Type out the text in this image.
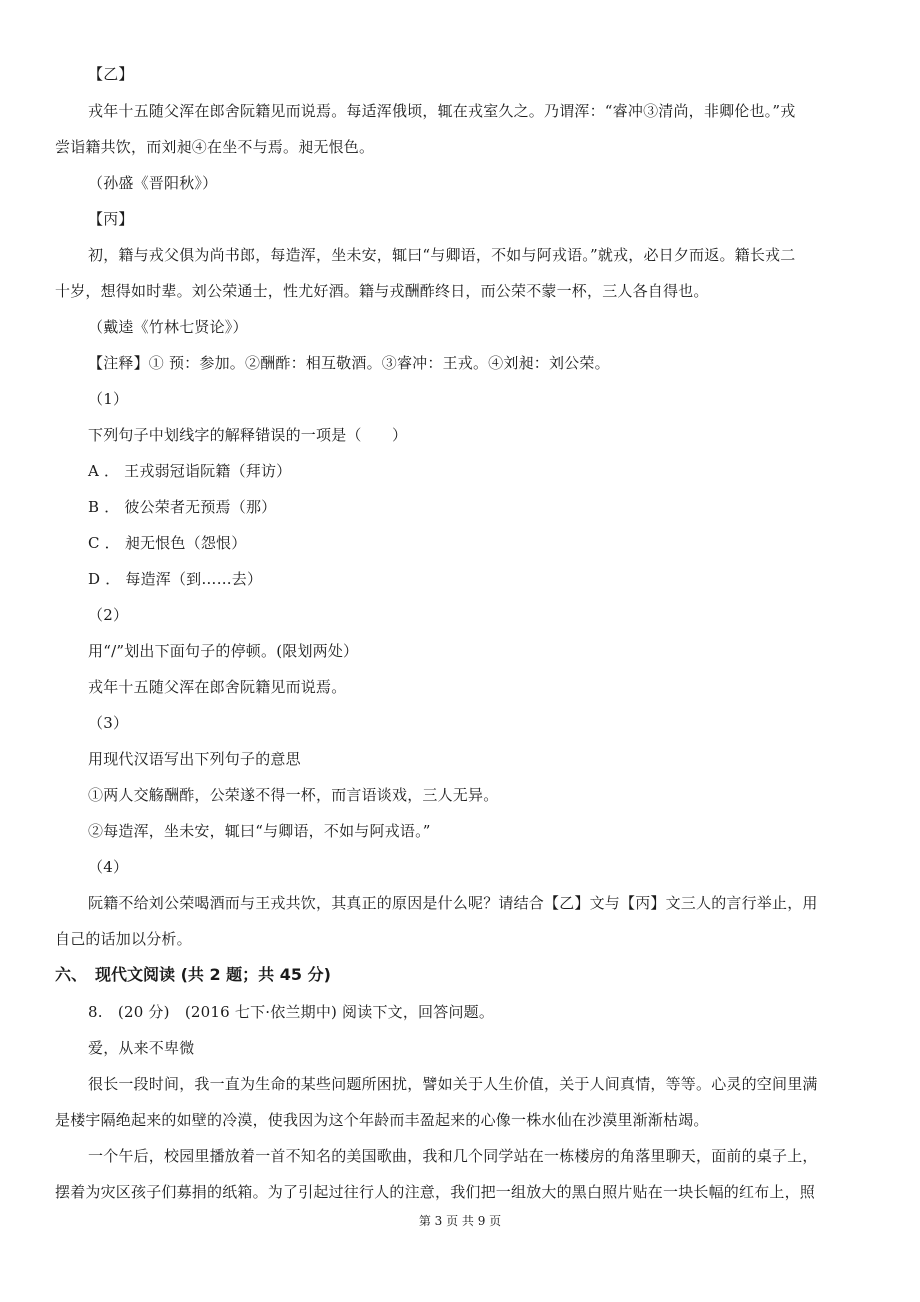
【乙】
戎年十五随父浑在郎舍阮籍见而说焉。每适浑俄顷，辄在戎室久之。乃谓浑：“睿冲③清尚，非卿伦也。”戎
尝诣籍共饮，而刘昶④在坐不与焉。昶无恨色。
（孙盛《晋阳秋》）
【丙】
初，籍与戎父俱为尚书郎，每造浑，坐未安，辄曰“与卿语，不如与阿戎语。”就戎，必日夕而返。籍长戎二
十岁，想得如时辈。刘公荣通士，性尤好酒。籍与戎酬酢终日，而公荣不蒙一杯，三人各自得也。
（戴逵《竹林七贤论》）
【注释】① 预：参加。②酬酢：相互敬酒。③睿冲：王戎。④刘昶：刘公荣。
（1）
下列句子中划线字的解释错误的一项是（　　）
A ． 王戎弱冠诣阮籍（拜访）
B ． 彼公荣者无预焉（那）
C ． 昶无恨色（怨恨）
D ． 每造浑（到……去）
（2）
用“/”划出下面句子的停顿。(限划两处）
戎年十五随父浑在郎舍阮籍见而说焉。
（3）
用现代汉语写出下列句子的意思
①两人交觞酬酢，公荣遂不得一杯，而言语谈戏，三人无异。
②每造浑，坐未安，辄曰“与卿语，不如与阿戎语。”
（4）
阮籍不给刘公荣喝酒而与王戎共饮，其真正的原因是什么呢？请结合【乙】文与【丙】文三人的言行举止，用
自己的话加以分析。
六、　现代文阅读 (共 2 题；共 45 分)
8.　(20 分)　(2016 七下·依兰期中) 阅读下文，回答问题。
爱，从来不卑微
很长一段时间，我一直为生命的某些问题所困扰，譬如关于人生价值，关于人间真情，等等。心灵的空间里满
是楼宇隔绝起来的如壁的冷漠，使我因为这个年龄而丰盈起来的心像一株水仙在沙漠里渐渐枯竭。
一个午后，校园里播放着一首不知名的美国歌曲，我和几个同学站在一栋楼房的角落里聊天，面前的桌子上，
摆着为灾区孩子们募捐的纸箱。为了引起过往行人的注意，我们把一组放大的黑白照片贴在一块长幅的红布上，照
第 3 页 共 9 页
